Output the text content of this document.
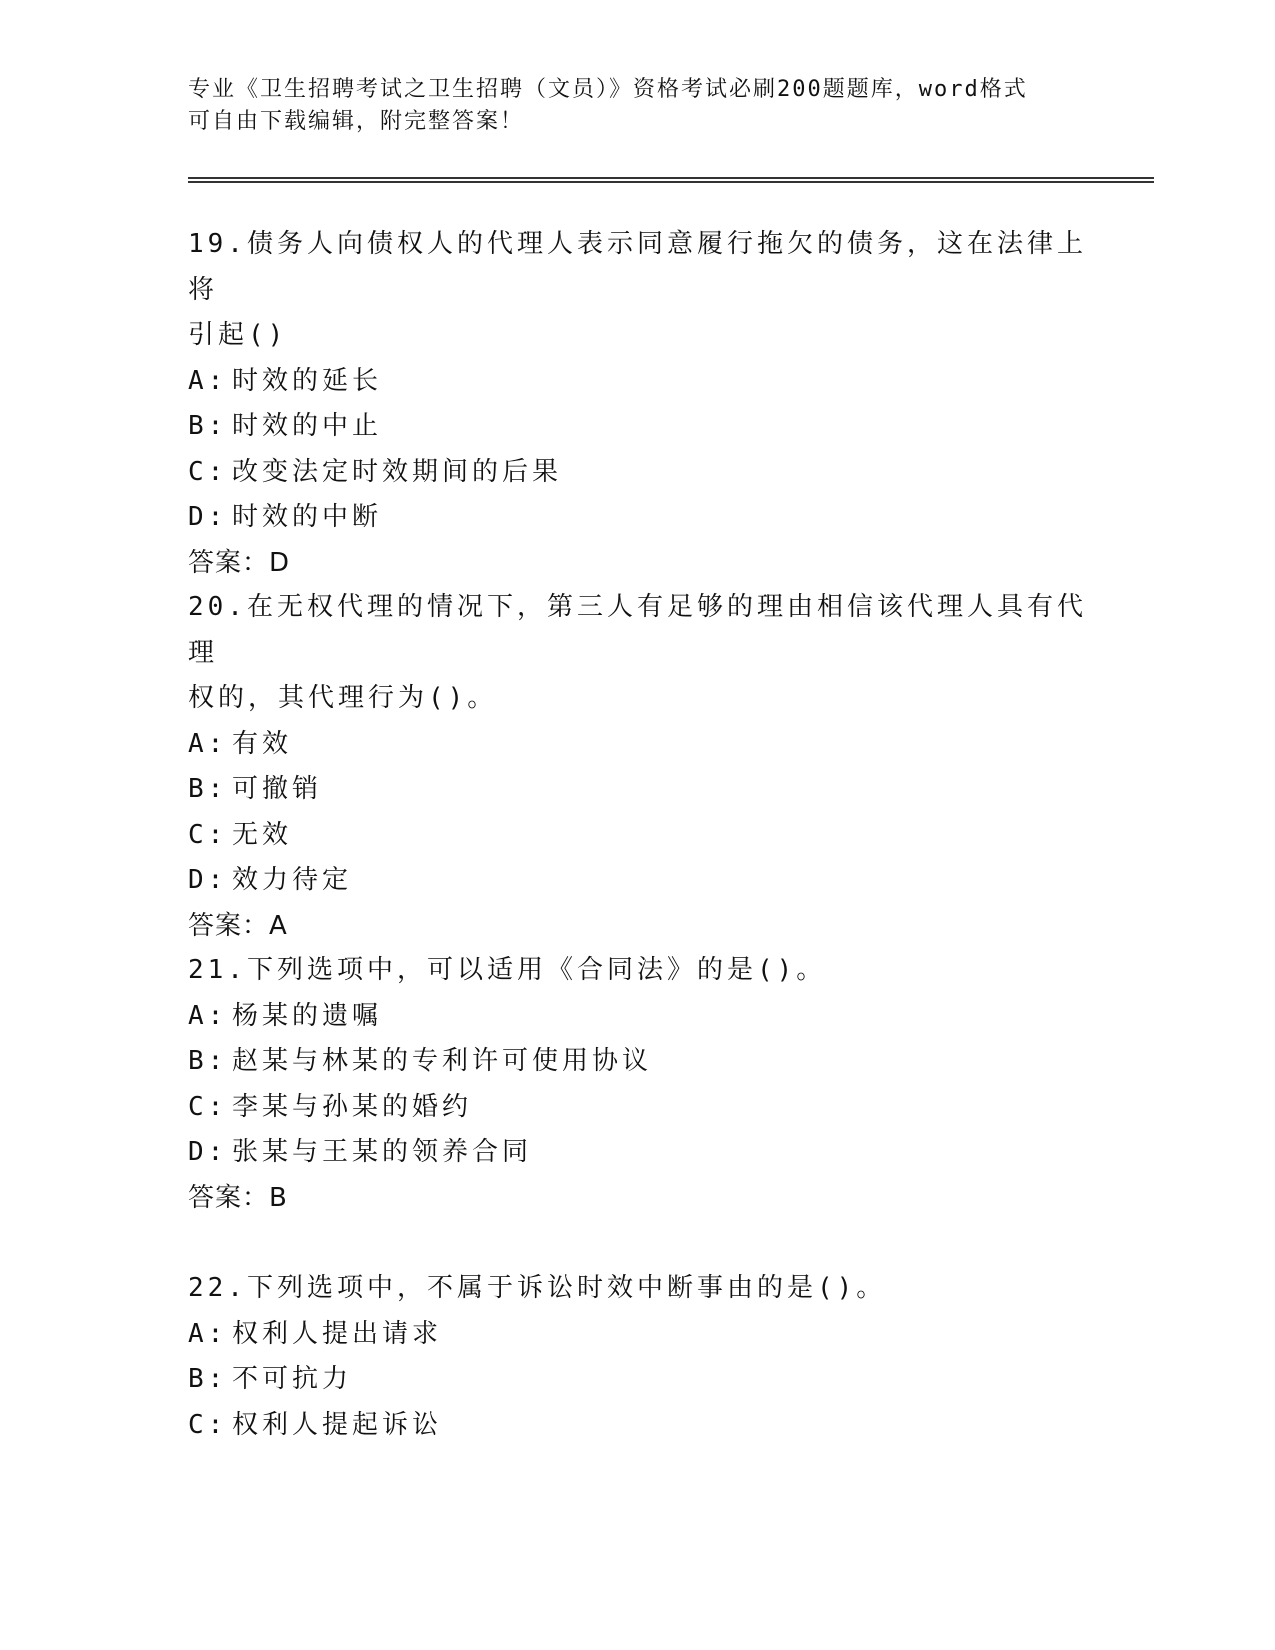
专业《卫生招聘考试之卫生招聘（文员）》资格考试必刷200题题库，word格式
可自由下载编辑，附完整答案！
19.债务人向债权人的代理人表示同意履行拖欠的债务，这在法律上将
引起()
A: 时效的延长
B: 时效的中止
C: 改变法定时效期间的后果
D: 时效的中断
答案：D
20.在无权代理的情况下，第三人有足够的理由相信该代理人具有代理
权的，其代理行为()。
A: 有效
B: 可撤销
C: 无效
D: 效力待定
答案：A
21.下列选项中，可以适用《合同法》的是()。
A: 杨某的遗嘱
B: 赵某与林某的专利许可使用协议
C: 李某与孙某的婚约
D: 张某与王某的领养合同
答案：B
22.下列选项中，不属于诉讼时效中断事由的是()。
A: 权利人提出请求
B: 不可抗力
C: 权利人提起诉讼
